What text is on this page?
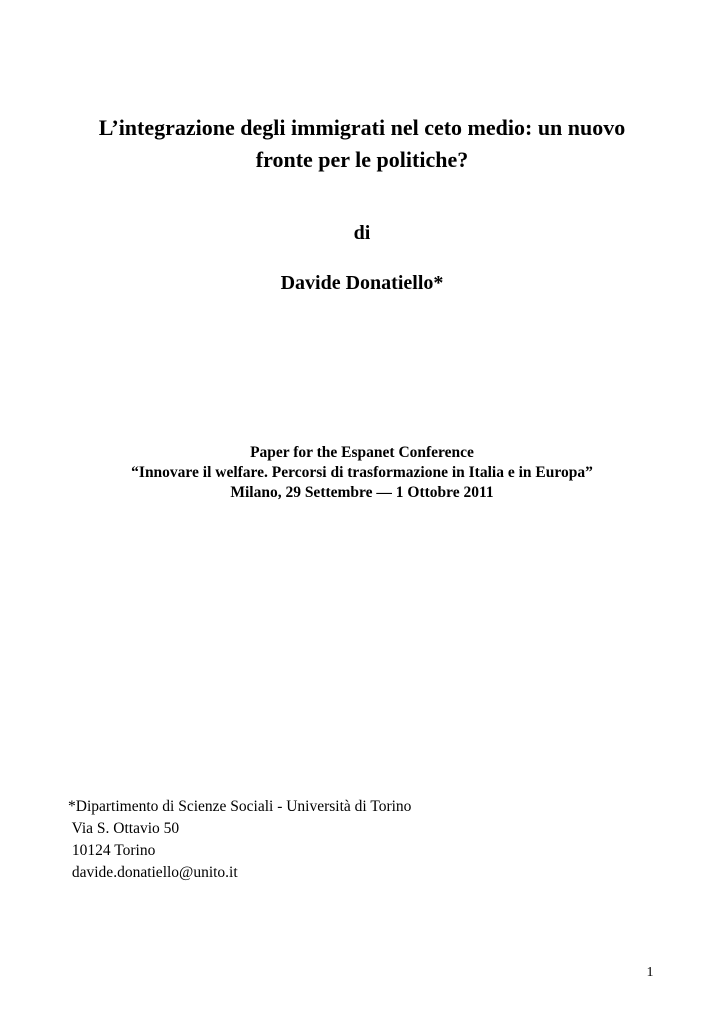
L’integrazione degli immigrati nel ceto medio: un nuovo
fronte per le politiche?
di
Davide Donatiello*
Paper for the Espanet Conference
“Innovare il welfare. Percorsi di trasformazione in Italia e in Europa”
Milano, 29 Settembre — 1 Ottobre 2011
*Dipartimento di Scienze Sociali - Università di Torino
Via S. Ottavio 50
10124 Torino
davide.donatiello@unito.it
1
